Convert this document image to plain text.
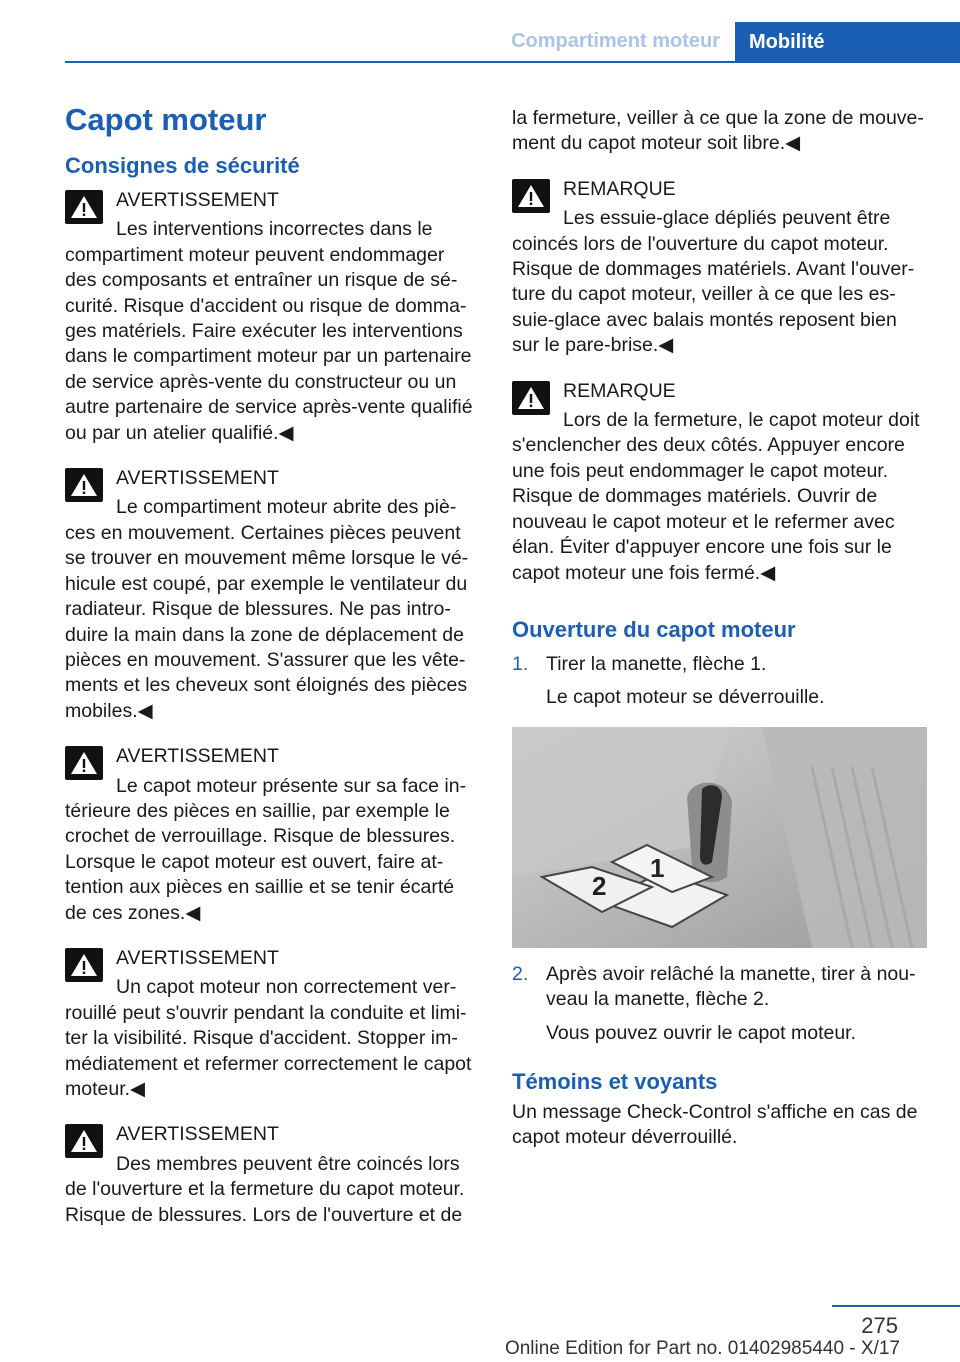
Compartiment moteur	Mobilité
Capot moteur
Consignes de sécurité

AVERTISSEMENT

Les interventions incorrectes dans le
compartiment moteur peuvent endommager des composants et entraîner un risque de sé‐curité. Risque d'accident ou risque de domma‐ges matériels. Faire exécuter les interventions dans le compartiment moteur par un partenaire de service après-vente du constructeur ou un autre partenaire de service après-vente qualifié ou par un atelier qualifié.◀

AVERTISSEMENT

Le compartiment moteur abrite des piè‐
ces en mouvement. Certaines pièces peuvent se trouver en mouvement même lorsque le vé‐hicule est coupé, par exemple le ventilateur du radiateur. Risque de blessures. Ne pas intro‐duire la main dans la zone de déplacement de pièces en mouvement. S'assurer que les vête‐ments et les cheveux sont éloignés des pièces mobiles.◀

AVERTISSEMENT

Le capot moteur présente sur sa face in‐
térieure des pièces en saillie, par exemple le crochet de verrouillage. Risque de blessures. Lorsque le capot moteur est ouvert, faire at‐tention aux pièces en saillie et se tenir écarté de ces zones.◀

AVERTISSEMENT

Un capot moteur non correctement ver‐
rouillé peut s'ouvrir pendant la conduite et limi‐ter la visibilité. Risque d'accident. Stopper im‐médiatement et refermer correctement le capot moteur.◀

AVERTISSEMENT

Des membres peuvent être coincés lors
de l'ouverture et la fermeture du capot moteur. Risque de blessures. Lors de l'ouverture et de

la fermeture, veiller à ce que la zone de mouve‐ment du capot moteur soit libre.◀

REMARQUE

Les essuie-glace dépliés peuvent être
coincés lors de l'ouverture du capot moteur. Risque de dommages matériels. Avant l'ouver‐ture du capot moteur, veiller à ce que les es‐suie-glace avec balais montés reposent bien sur le pare-brise.◀

REMARQUE

Lors de la fermeture, le capot moteur doit
s'enclencher des deux côtés. Appuyer encore une fois peut endommager le capot moteur. Risque de dommages matériels. Ouvrir de nouveau le capot moteur et le refermer avec élan. Éviter d'appuyer encore une fois sur le capot moteur une fois fermé.◀

Ouverture du capot moteur
1. Tirer la manette, flèche 1.
Le capot moteur se déverrouille.
1
2
2. Après avoir relâché la manette, tirer à nou‐veau la manette, flèche 2.
Vous pouvez ouvrir le capot moteur.
Témoins et voyants

Un message Check-Control s'affiche en cas de capot moteur déverrouillé.

275
Online Edition for Part no. 01402985440 - X/17
